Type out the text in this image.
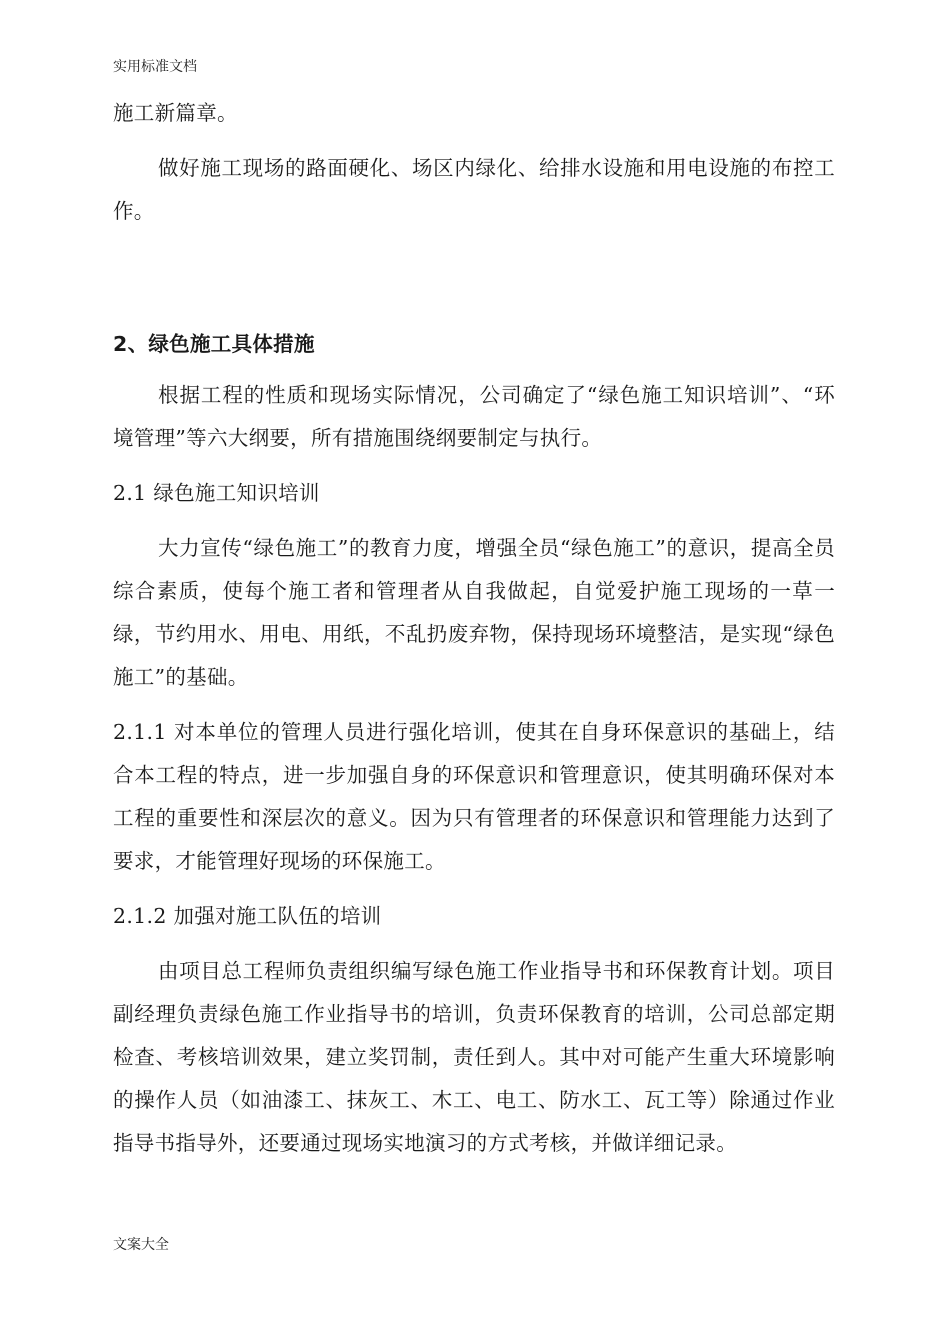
实用标准文档

施工新篇章。

做好施工现场的路面硬化、场区内绿化、给排水设施和用电设施的布控工作。

2、绿色施工具体措施

根据工程的性质和现场实际情况，公司确定了“绿色施工知识培训”、“环境管理”等六大纲要，所有措施围绕纲要制定与执行。

2.1 绿色施工知识培训

大力宣传“绿色施工”的教育力度，增强全员“绿色施工”的意识，提高全员综合素质，使每个施工者和管理者从自我做起，自觉爱护施工现场的一草一绿，节约用水、用电、用纸，不乱扔废弃物，保持现场环境整洁，是实现“绿色施工”的基础。

2.1.1 对本单位的管理人员进行强化培训，使其在自身环保意识的基础上，结合本工程的特点，进一步加强自身的环保意识和管理意识，使其明确环保对本工程的重要性和深层次的意义。因为只有管理者的环保意识和管理能力达到了要求，才能管理好现场的环保施工。

2.1.2 加强对施工队伍的培训

由项目总工程师负责组织编写绿色施工作业指导书和环保教育计划。项目副经理负责绿色施工作业指导书的培训，负责环保教育的培训，公司总部定期检查、考核培训效果，建立奖罚制，责任到人。其中对可能产生重大环境影响的操作人员（如油漆工、抹灰工、木工、电工、防水工、瓦工等）除通过作业指导书指导外，还要通过现场实地演习的方式考核，并做详细记录。

文案大全
